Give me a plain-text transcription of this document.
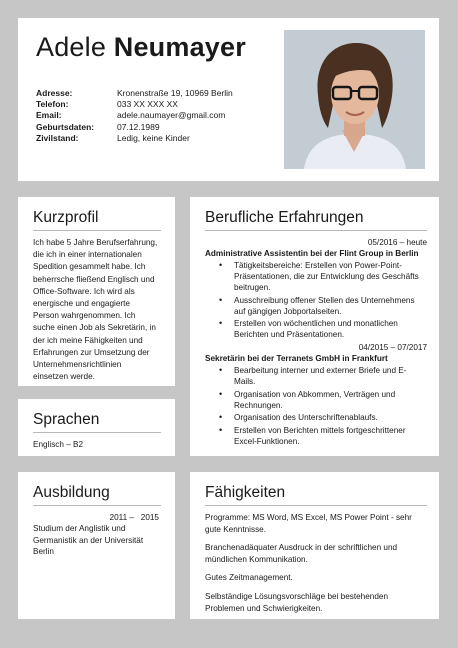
Adele Neumayer
Adresse:	Kronenstraße 19, 10969 Berlin
Telefon:	033 XX XXX XX
Email:	adele.naumayer@gmail.com
Geburtsdaten:	07.12.1989
Zivilstand:	Ledig, keine Kinder
Kurzprofil
Ich habe 5 Jahre Berufserfahrung,
die ich in einer internationalen
Spedition gesammelt habe. Ich
beherrsche fließend Englisch und
Office-Software. Ich wird als
energische und engagierte
Person wahrgenommen. Ich
suche einen Job als Sekretärin, in
der ich meine Fähigkeiten und
Erfahrungen zur Umsetzung der
Unternehmensrichtlinien
einsetzen werde.
Sprachen
Englisch – B2
Ausbildung
2011 –   2015
Studium der Anglistik und
Germanistik an der Universität
Berlin
Berufliche Erfahrungen
05/2016 – heute
Administrative Assistentin bei der Flint Group in Berlin
• Tätigkeitsbereiche: Erstellen von Power-Point-
Präsentationen, die zur Entwicklung des Geschäfts
beitrugen.
• Ausschreibung offener Stellen des Unternehmens
auf gängigen Jobportalseiten.
• Erstellen von wöchentlichen und monatlichen
Berichten und Präsentationen.
04/2015 – 07/2017
Sekretärin bei der Terranets GmbH in Frankfurt
• Bearbeitung interner und externer Briefe und E-
Mails.
• Organisation von Abkommen, Verträgen und
Rechnungen.
• Organisation des Unterschriftenablaufs.
• Erstellen von Berichten mittels fortgeschrittener
Excel-Funktionen.
Fähigkeiten

Programme: MS Word, MS Excel, MS Power Point - sehr
gute Kenntnisse.

Branchenadäquater Ausdruck in der schriftlichen und
mündlichen Kommunikation.

Gutes Zeitmanagement.

Selbständige Lösungsvorschläge bei bestehenden
Problemen und Schwierigkeiten.
